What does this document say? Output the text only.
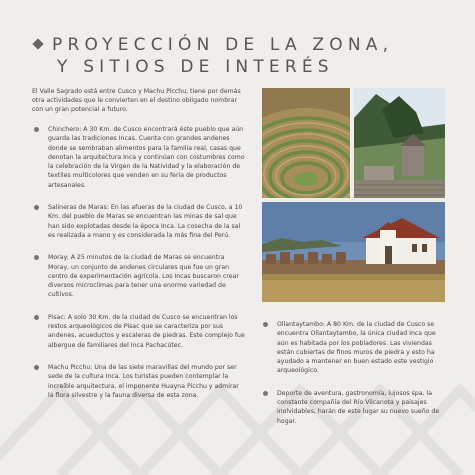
PROYECCIÓN DE LA ZONA,
Y SITIOS DE INTERÉS
El Valle Sagrado está entre Cusco y Machu Picchu, tiene por demás otra actividades que le convierten en el destino obligado nombrar con un gran potencial a futuro.
Chinchero: A 30 Km. de Cusco encontrará éste pueblo que aún guarda las tradiciones Incas. Cuenta con grandes andenes donde se sembraban alimentos para la familia real, casas que denotan la arquitectura Inca y continúan con costumbres como la celebración de la Virgen de la Natividad y la elaboración de textiles multicolores que venden en su feria de productos artesanales.
Salineras de Maras: En las afueras de la ciudad de Cusco, a 10 Km. del pueblo de Maras se encuentran las minas de sal que han sido explotadas desde la época Inca. La cosecha de la sal es realizada a mano y es considerada la más fina del Perú.
Moray: A 25 minutos de la ciudad de Maras se encuentra Moray, un conjunto de andenes circulares que fue un gran centro de experimentación agrícola. Los Incas buscaron crear diversos microclimas para tener una enorme variedad de cultivos.
Pisac: A solo 30 Km. de la ciudad de Cusco se encuentran los restos arqueológicos de Pisac que se caracteriza por sus andenes, acueductos y escaleras de piedras. Este complejo fue albergue de familiares del Inca Pachacútec.
Machu Picchu: Una de las siete maravillas del mundo por ser sede de la cultura Inca. Los turistas pueden contemplar la increíble arquitectura, el imponente Huayna Picchu y admirar la flora silvestre y la fauna diversa de esta zona.
Ollantaytambo: A 80 Km. de la ciudad de Cusco se encuentra Ollantaytambo, la única ciudad Inca que aún es habitada por los pobladores. Las viviendas están cubiertas de finos muros de piedra y esto ha ayudado a mantener en buen estado este vestigio arqueológico.
Deporte de aventura, gastronomía, lujosos spa, la constante compañía del Río Vilcanota y paisajes inolvidables, harán de este lugar su nuevo sueño de hogar.
